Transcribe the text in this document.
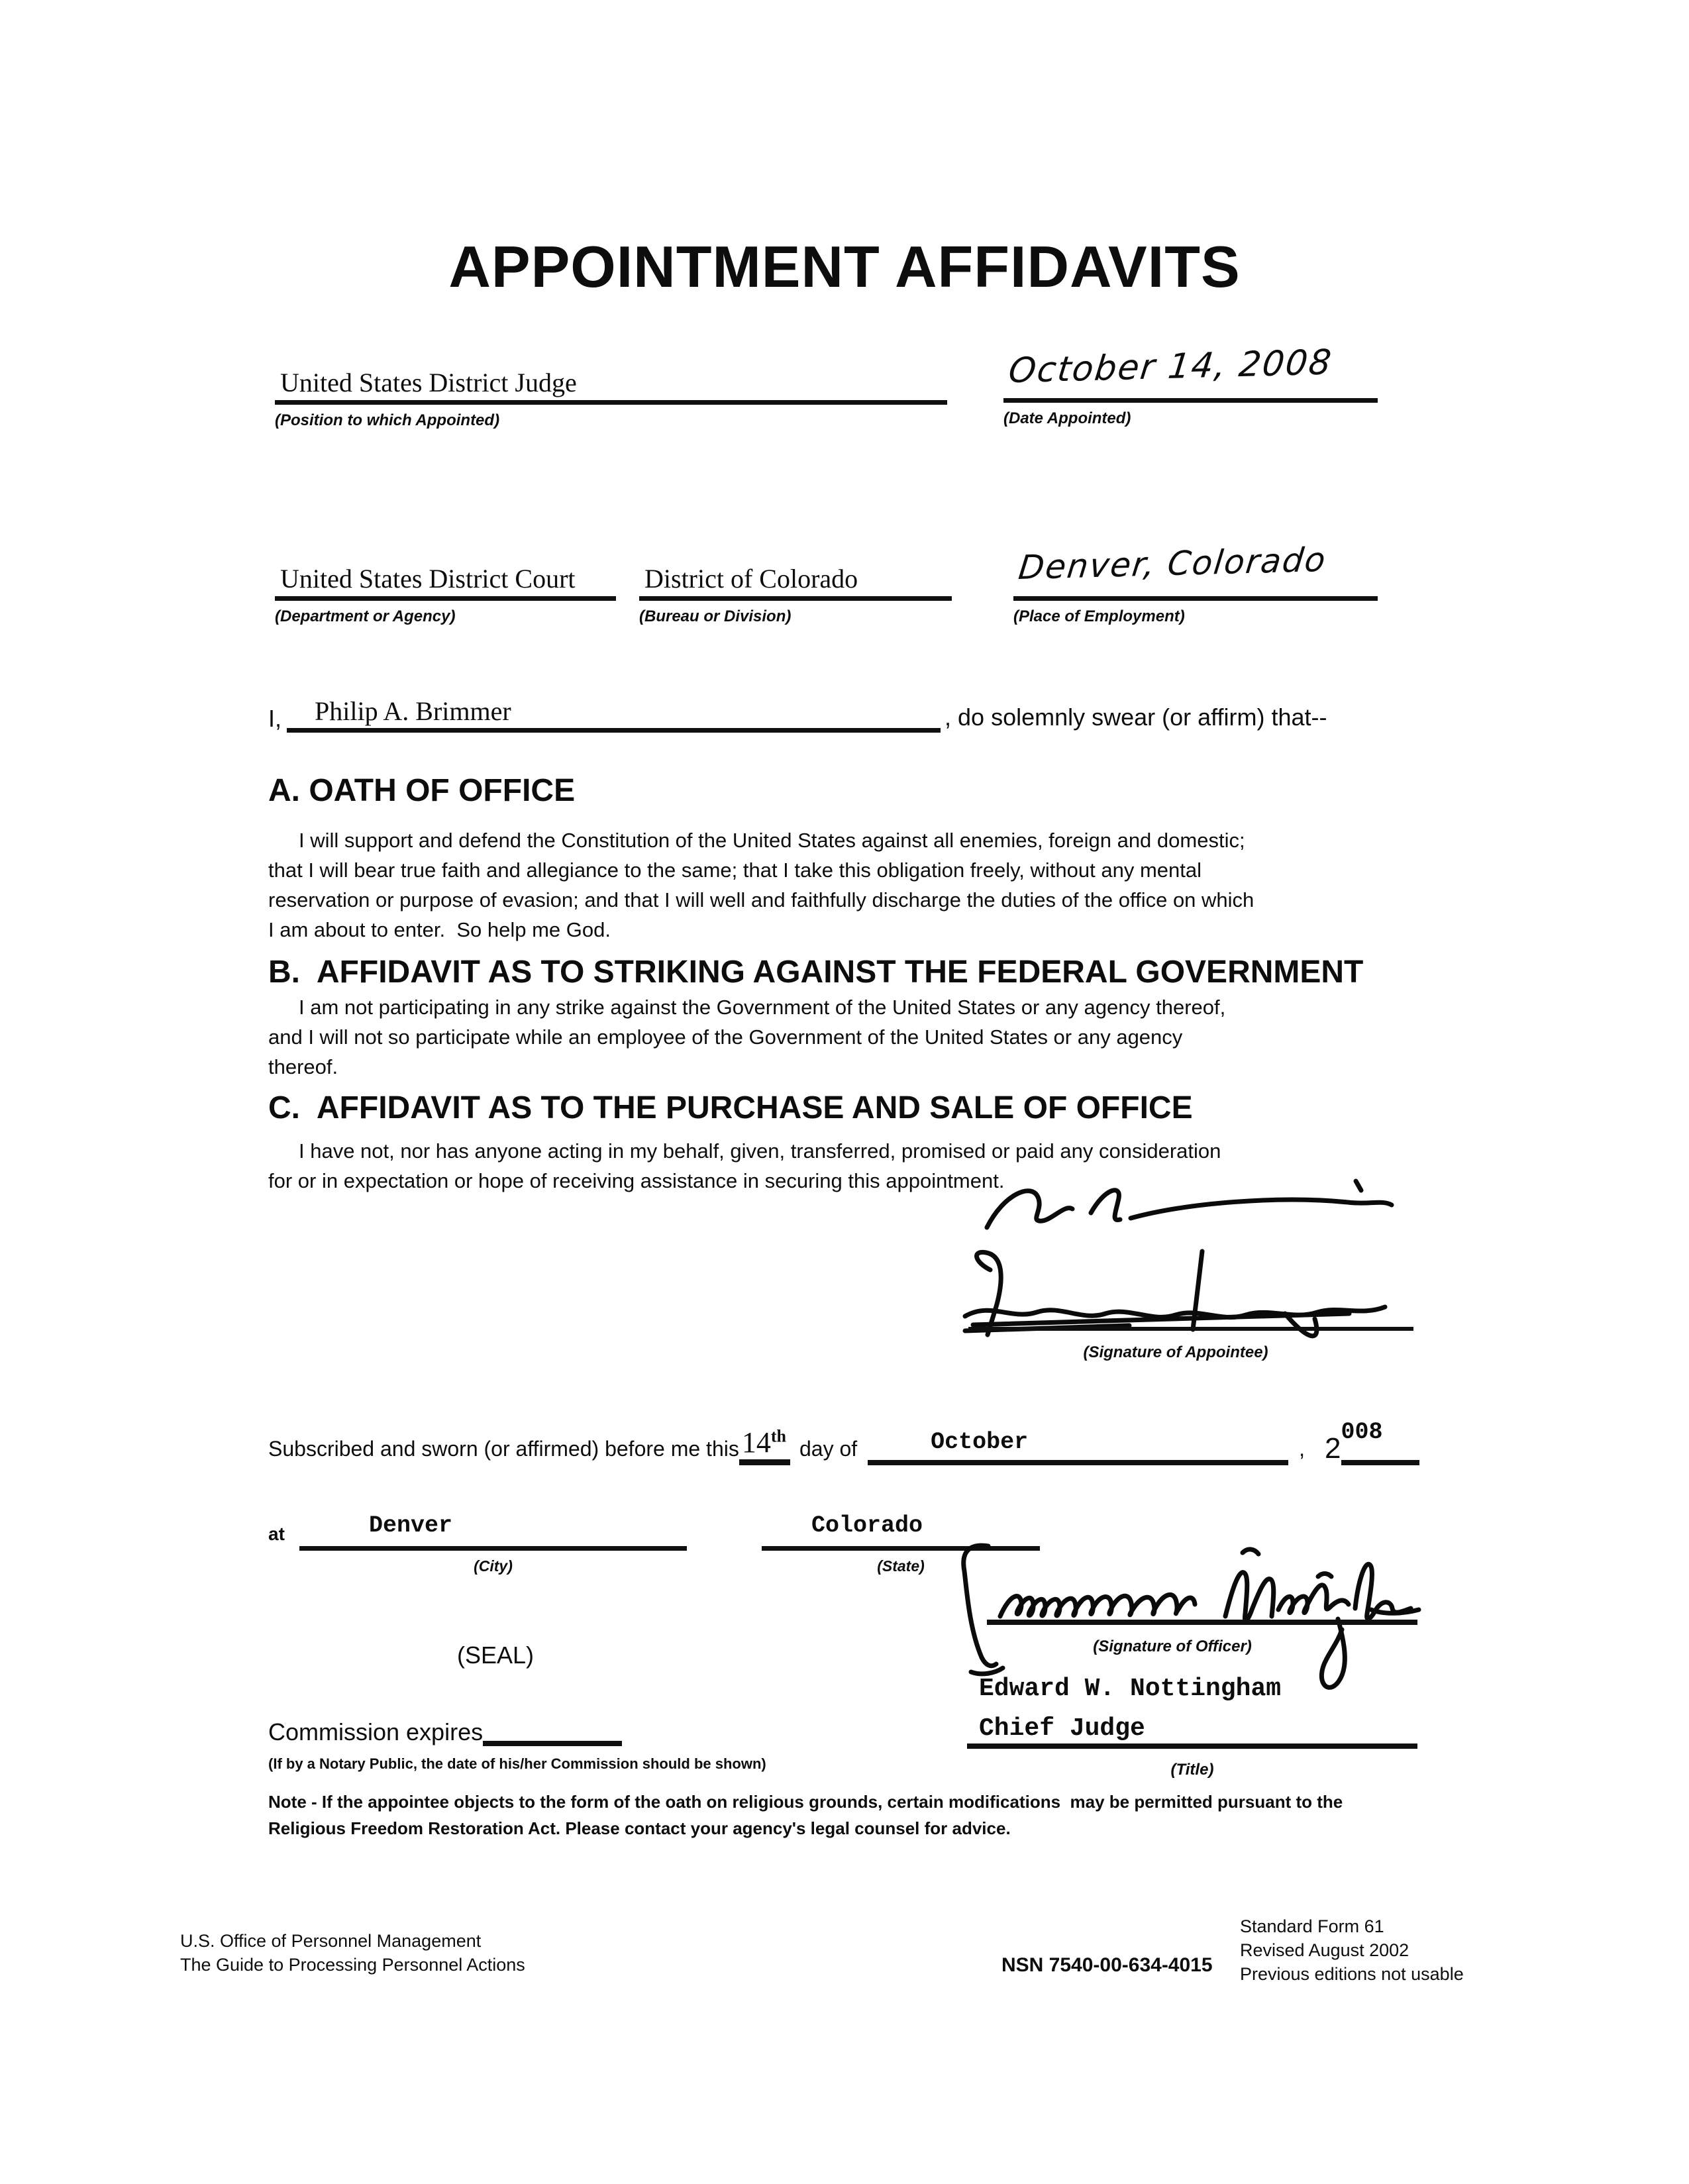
APPOINTMENT AFFIDAVITS
United States District Judge
(Position to which Appointed)
October 14, 2008
(Date Appointed)
United States District Court
(Department or Agency)
District of Colorado
(Bureau or Division)
Denver, Colorado
(Place of Employment)
I,	Philip A. Brimmer	, do solemnly swear (or affirm) that--
A. OATH OF OFFICE
I will support and defend the Constitution of the United States against all enemies, foreign and domestic;
that I will bear true faith and allegiance to the same; that I take this obligation freely, without any mental
reservation or purpose of evasion; and that I will well and faithfully discharge the duties of the office on which
I am about to enter.  So help me God.
B.  AFFIDAVIT AS TO STRIKING AGAINST THE FEDERAL GOVERNMENT
I am not participating in any strike against the Government of the United States or any agency thereof,
and I will not so participate while an employee of the Government of the United States or any agency
thereof.
C.  AFFIDAVIT AS TO THE PURCHASE AND SALE OF OFFICE
I have not, nor has anyone acting in my behalf, given, transferred, promised or paid any consideration
for or in expectation or hope of receiving assistance in securing this appointment.
(Signature of Appointee)
Subscribed and sworn (or affirmed) before me this 14th
day of	October	, 2 008
at	Denver
(City)
Colorado
(State)
(Signature of Officer)
(SEAL)
Edward W. Nottingham
Chief Judge
(Title)
Commission expires
(If by a Notary Public, the date of his/her Commission should be shown)
Note - If the appointee objects to the form of the oath on religious grounds, certain modifications  may be permitted pursuant to the
Religious Freedom Restoration Act. Please contact your agency's legal counsel for advice.
U.S. Office of Personnel Management
The Guide to Processing Personnel Actions	NSN 7540-00-634-4015
Standard Form 61
Revised August 2002
Previous editions not usable
